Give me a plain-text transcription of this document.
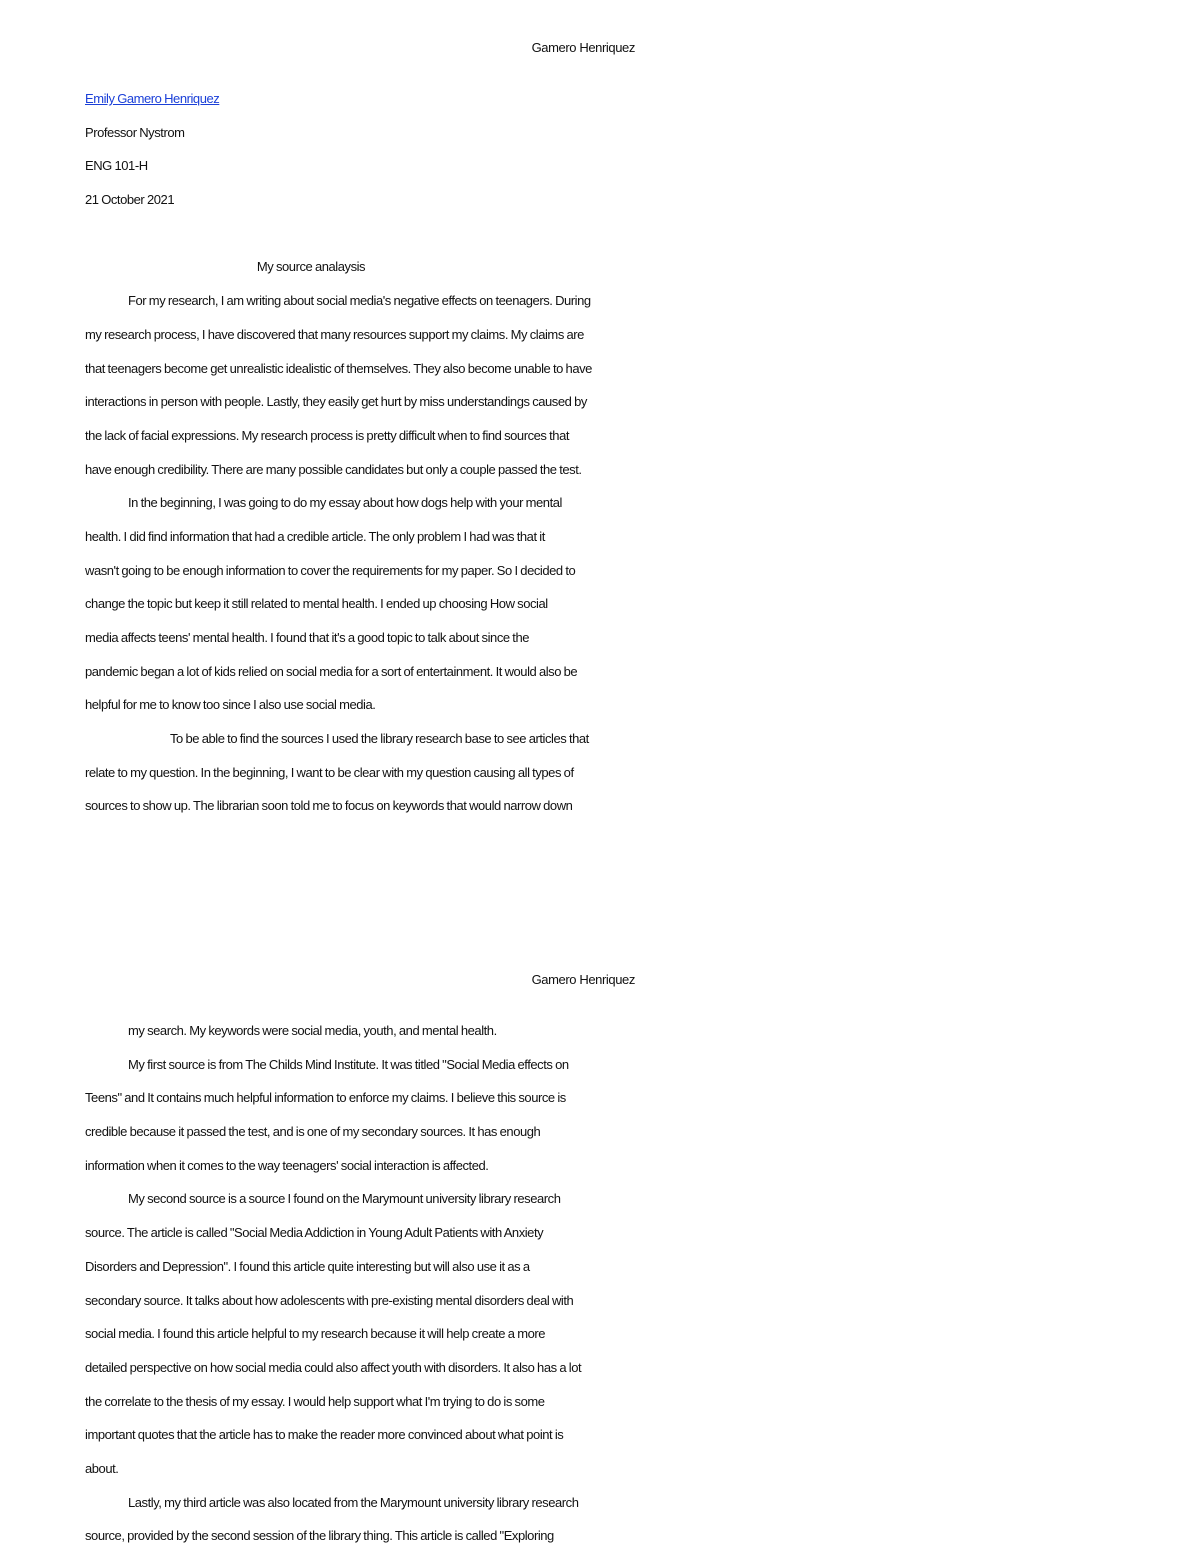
Gamero Henriquez
Emily Gamero Henriquez
Professor Nystrom
ENG 101-H
21 October 2021
My source analaysis
For my research, I am writing about social media's negative effects on teenagers. During
my research process, I have discovered that many resources support my claims. My claims are
that teenagers become get unrealistic idealistic of themselves. They also become unable to have
interactions in person with people. Lastly, they easily get hurt by miss understandings caused by
the lack of facial expressions. My research process is pretty difficult when to find sources that
have enough credibility. There are many possible candidates but only a couple passed the test.
In the beginning, I was going to do my essay about how dogs help with your mental
health. I did find information that had a credible article. The only problem I had was that it
wasn't going to be enough information to cover the requirements for my paper. So I decided to
change the topic but keep it still related to mental health. I ended up choosing How social
media affects teens' mental health. I found that it's a good topic to talk about since the
pandemic began a lot of kids relied on social media for a sort of entertainment. It would also be
helpful for me to know too since I also use social media.
To be able to find the sources I used the library research base to see articles that
relate to my question. In the beginning, I want to be clear with my question causing all types of
sources to show up. The librarian soon told me to focus on keywords that would narrow down
Gamero Henriquez
my search. My keywords were social media, youth, and mental health.
My first source is from The Childs Mind Institute. It was titled "Social Media effects on
Teens" and It contains much helpful information to enforce my claims. I believe this source is
credible because it passed the test, and is one of my secondary sources. It has enough
information when it comes to the way teenagers' social interaction is affected.
My second source is a source I found on the Marymount university library research
source. The article is called "Social Media Addiction in Young Adult Patients with Anxiety
Disorders and Depression". I found this article quite interesting but will also use it as a
secondary source. It talks about how adolescents with pre-existing mental disorders deal with
social media. I found this article helpful to my research because it will help create a more
detailed perspective on how social media could also affect youth with disorders. It also has a lot
the correlate to the thesis of my essay. I would help support what I'm trying to do is some
important quotes that the article has to make the reader more convinced about what point is
about.
Lastly, my third article was also located from the Marymount university library research
source, provided by the second session of the library thing. This article is called "Exploring
